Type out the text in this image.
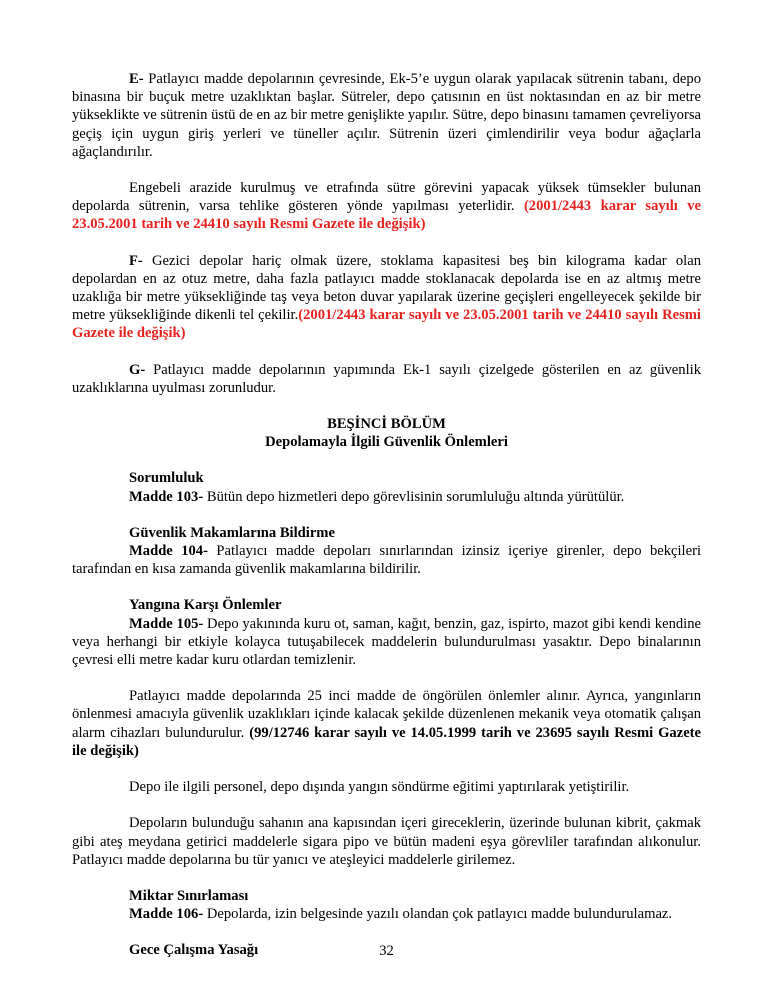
E- Patlayıcı madde depolarının çevresinde, Ek-5’e uygun olarak yapılacak sütrenin tabanı, depo binasına bir buçuk metre uzaklıktan başlar. Sütreler, depo çatısının en üst noktasından en az bir metre yükseklikte ve sütrenin üstü de en az bir metre genişlikte yapılır. Sütre, depo binasını tamamen çevreliyorsa geçiş için uygun giriş yerleri ve tüneller açılır. Sütrenin üzeri çimlendirilir veya bodur ağaçlarla ağaçlandırılır.

Engebeli arazide kurulmuş ve etrafında sütre görevini yapacak yüksek tümsekler bulunan depolarda sütrenin, varsa tehlike gösteren yönde yapılması yeterlidir. (2001/2443 karar sayılı ve 23.05.2001 tarih ve 24410 sayılı Resmi Gazete ile değişik)

F- Gezici depolar hariç olmak üzere, stoklama kapasitesi beş bin kilograma kadar olan depolardan en az otuz metre, daha fazla patlayıcı madde stoklanacak depolarda ise en az altmış metre uzaklığa bir metre yüksekliğinde taş veya beton duvar yapılarak üzerine geçişleri engelleyecek şekilde bir metre yüksekliğinde dikenli tel çekilir.(2001/2443 karar sayılı ve 23.05.2001 tarih ve 24410 sayılı Resmi Gazete ile değişik)

G- Patlayıcı madde depolarının yapımında Ek-1 sayılı çizelgede gösterilen en az güvenlik uzaklıklarına uyulması zorunludur.

BEŞİNCİ BÖLÜM

Depolamayla İlgili Güvenlik Önlemleri

Sorumluluk

Madde 103- Bütün depo hizmetleri depo görevlisinin sorumluluğu altında yürütülür.

Güvenlik Makamlarına Bildirme

Madde 104- Patlayıcı madde depoları sınırlarından izinsiz içeriye girenler, depo bekçileri tarafından en kısa zamanda güvenlik makamlarına bildirilir.

Yangına Karşı Önlemler

Madde 105- Depo yakınında kuru ot, saman, kağıt, benzin, gaz, ispirto, mazot gibi kendi kendine veya herhangi bir etkiyle kolayca tutuşabilecek maddelerin bulundurulması yasaktır. Depo binalarının çevresi elli metre kadar kuru otlardan temizlenir.

Patlayıcı madde depolarında 25 inci madde de öngörülen önlemler alınır. Ayrıca, yangınların önlenmesi amacıyla güvenlik uzaklıkları içinde kalacak şekilde düzenlenen mekanik veya otomatik çalışan alarm cihazları bulundurulur. (99/12746 karar sayılı ve 14.05.1999 tarih ve 23695 sayılı Resmi Gazete ile değişik)

Depo ile ilgili personel, depo dışında yangın söndürme eğitimi yaptırılarak yetiştirilir.

Depoların bulunduğu sahanın ana kapısından içeri gireceklerin, üzerinde bulunan kibrit, çakmak gibi ateş meydana getirici maddelerle sigara pipo ve bütün madeni eşya görevliler tarafından alıkonulur. Patlayıcı madde depolarına bu tür yanıcı ve ateşleyici maddelerle girilemez.

Miktar Sınırlaması

Madde 106- Depolarda, izin belgesinde yazılı olandan çok patlayıcı madde bulundurulamaz.

Gece Çalışma Yasağı	32
